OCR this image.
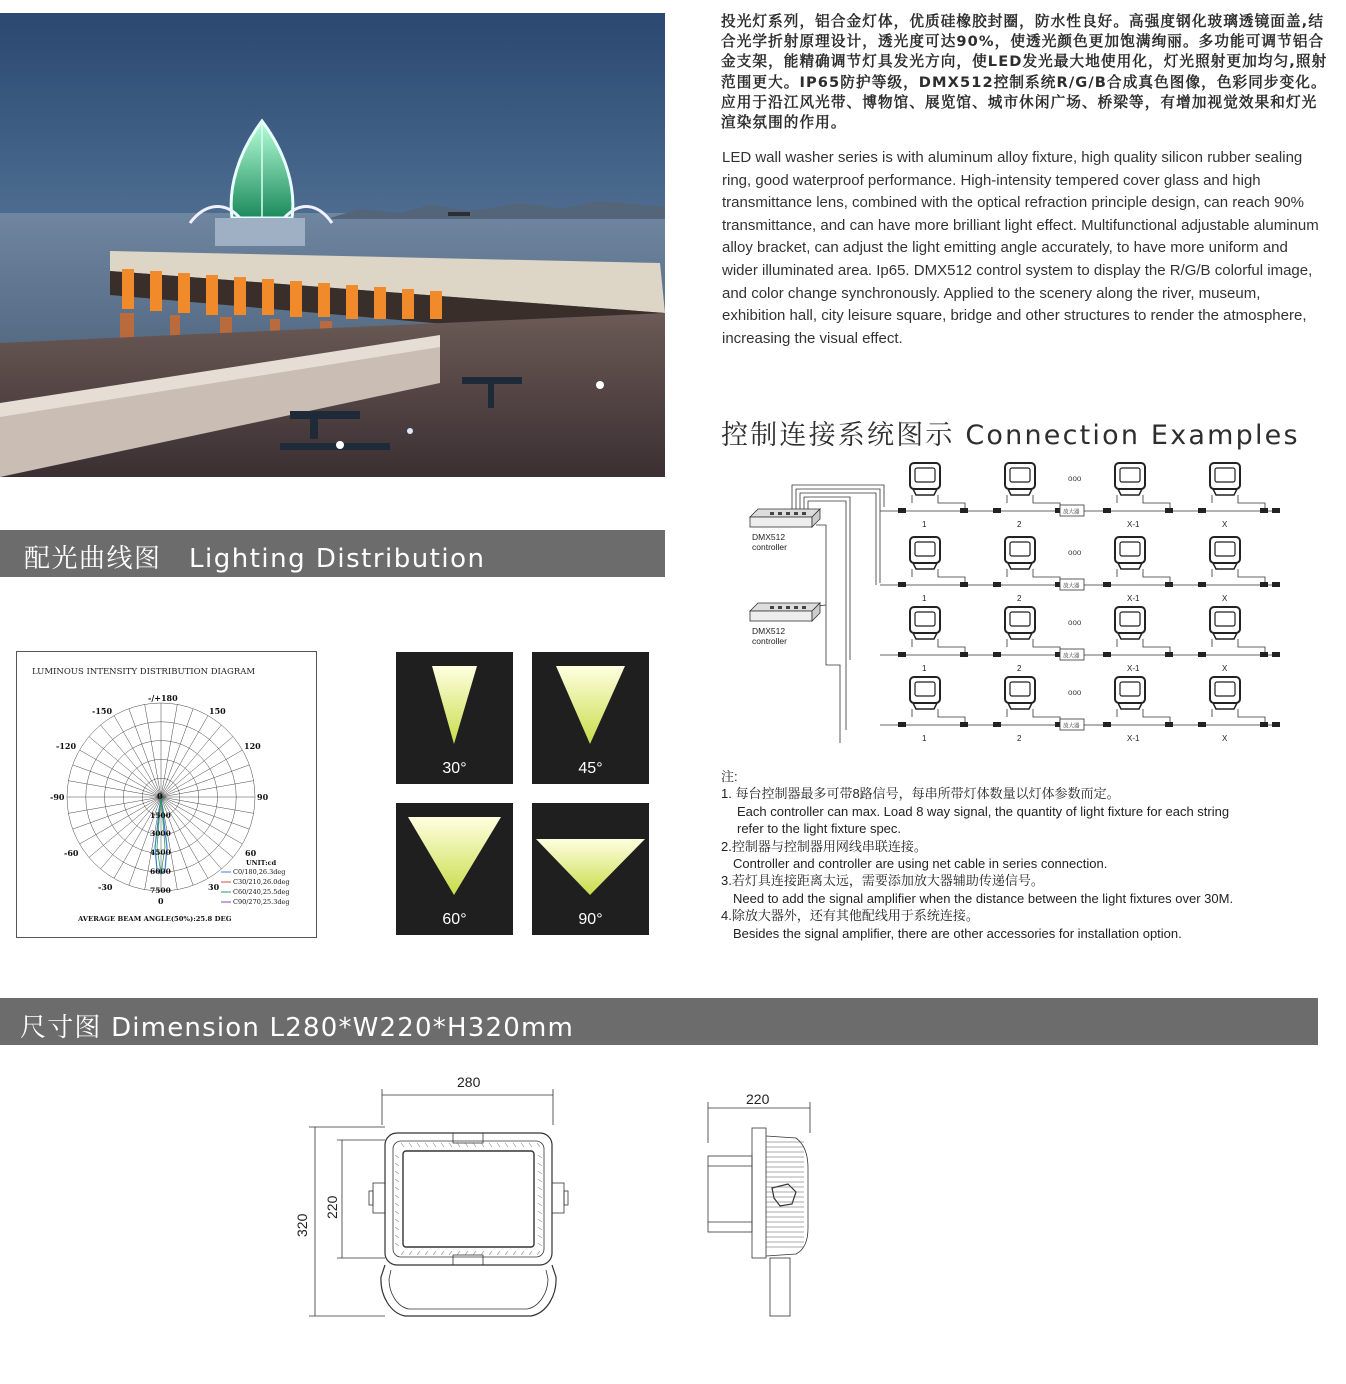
投光灯系列，铝合金灯体，优质硅橡胶封圈，防水性良好。高强度钢化玻璃透镜面盖,结合光学折射原理设计，透光度可达90%，使透光颜色更加饱满绚丽。多功能可调节铝合金支架，能精确调节灯具发光方向，使LED发光最大地使用化，灯光照射更加均匀,照射范围更大。IP65防护等级，DMX512控制系统R/G/B合成真色图像，色彩同步变化。应用于沿江风光带、博物馆、展览馆、城市休闲广场、桥梁等，有增加视觉效果和灯光渲染氛围的作用。
LED wall washer series is with aluminum alloy fixture, high quality silicon rubber sealing ring, good waterproof performance. High-intensity tempered cover glass and high transmittance lens, combined with the optical refraction principle design, can reach 90% transmittance, and can have more brilliant light effect. Multifunctional adjustable aluminum alloy bracket, can adjust the light emitting angle accurately, to have more uniform and wider illuminated area. Ip65. DMX512 control system to display the R/G/B colorful image, and color change synchronously. Applied to the scenery along the river, museum, exhibition hall, city leisure square, bridge and other structures to render the atmosphere, increasing the visual effect.
配光曲线图　Lighting Distribution
控制连接系统图示 Connection Examples
LUMINOUS INTENSITY DISTRIBUTION DIAGRAM
-/+180
-150	150
-120	120
-90	90
-60	60
-30	30
0
0
1500
3000
4500
6000
7500
UNIT:cd
C0/180,26.3deg
C30/210,26.0deg
C60/240,25.5deg
C90/270,25.3deg
AVERAGE BEAM ANGLE(50%):25.8 DEG
30°	45°
60°	90°
1	2	X-1	X
ooo
放大器
1	2	X-1	X
ooo
放大器
1	2	X-1	X
ooo
放大器
1	2	X-1	X
ooo
放大器
DMX512
controller
DMX512
controller
注:
1. 每台控制器最多可带8路信号，每串所带灯体数量以灯体参数而定。
Each controller can max. Load 8 way signal, the quantity of light fixture for each string
refer to the light fixture spec.
2.控制器与控制器用网线串联连接。
Controller and controller are using net cable in series connection.
3.若灯具连接距离太远，需要添加放大器辅助传递信号。
Need to add the signal amplifier when the distance between the light fixtures over 30M.
4.除放大器外，还有其他配线用于系统连接。
Besides the signal amplifier, there are other accessories for installation option.
尺寸图 Dimension L280*W220*H320mm
280
320
220
220
